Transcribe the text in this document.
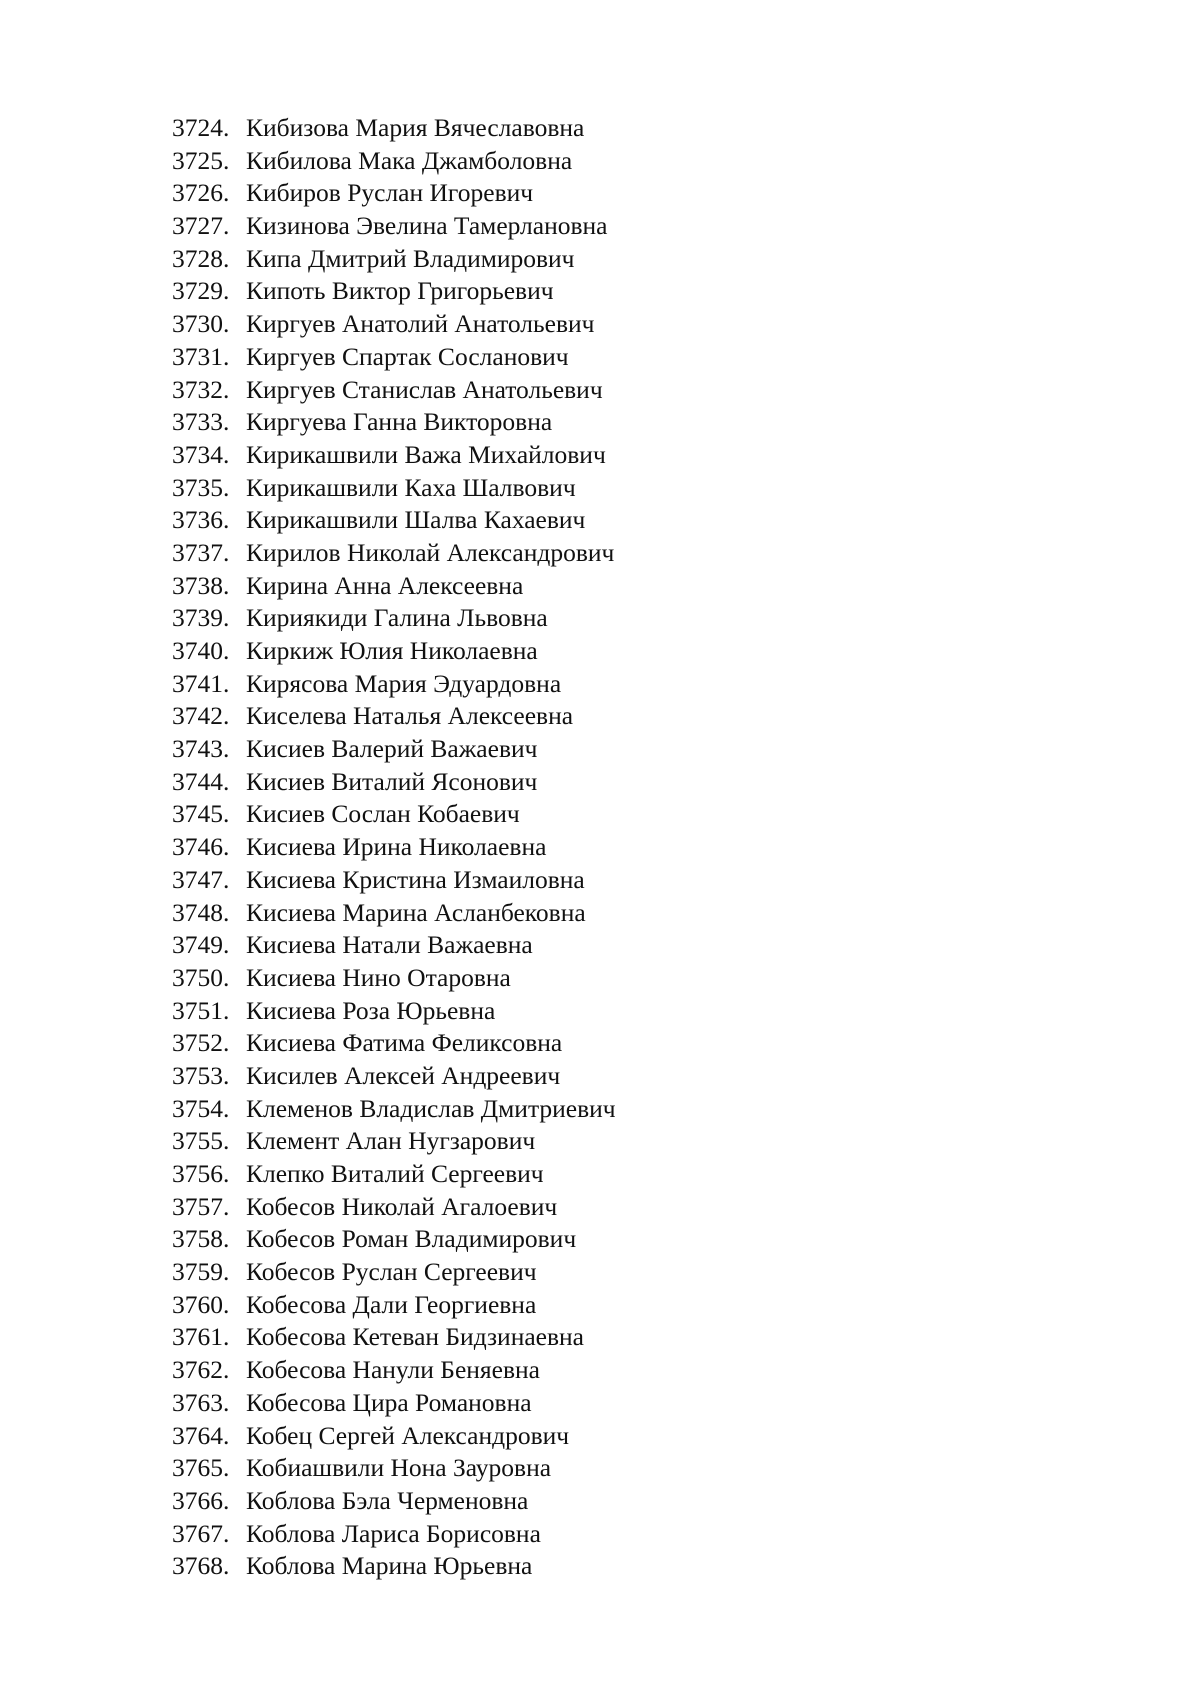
3724. Кибизова Мария Вячеславовна
3725. Кибилова Мака Джамболовна
3726. Кибиров Руслан Игоревич
3727. Кизинова Эвелина Тамерлановна
3728. Кипа Дмитрий Владимирович
3729. Кипоть Виктор Григорьевич
3730. Киргуев Анатолий Анатольевич
3731. Киргуев Спартак Сосланович
3732. Киргуев Станислав Анатольевич
3733. Киргуева Ганна Викторовна
3734. Кирикашвили Важа Михайлович
3735. Кирикашвили Каха Шалвович
3736. Кирикашвили Шалва Кахаевич
3737. Кирилов Николай Александрович
3738. Кирина Анна Алексеевна
3739. Кириякиди Галина Львовна
3740. Киркиж Юлия Николаевна
3741. Кирясова Мария Эдуардовна
3742. Киселева Наталья Алексеевна
3743. Кисиев Валерий Важаевич
3744. Кисиев Виталий Ясонович
3745. Кисиев Сослан Кобаевич
3746. Кисиева Ирина Николаевна
3747. Кисиева Кристина Измаиловна
3748. Кисиева Марина Асланбековна
3749. Кисиева Натали Важаевна
3750. Кисиева Нино Отаровна
3751. Кисиева Роза Юрьевна
3752. Кисиева Фатима Феликсовна
3753. Кисилев Алексей Андреевич
3754. Клеменов Владислав Дмитриевич
3755. Клемент Алан Нугзарович
3756. Клепко Виталий Сергеевич
3757. Кобесов Николай Агалоевич
3758. Кобесов Роман Владимирович
3759. Кобесов Руслан Сергеевич
3760. Кобесова Дали Георгиевна
3761. Кобесова Кетеван Бидзинаевна
3762. Кобесова Нанули Беняевна
3763. Кобесова Цира Романовна
3764. Кобец Сергей Александрович
3765. Кобиашвили Нона Зауровна
3766. Коблова Бэла Черменовна
3767. Коблова Лариса Борисовна
3768. Коблова Марина Юрьевна
